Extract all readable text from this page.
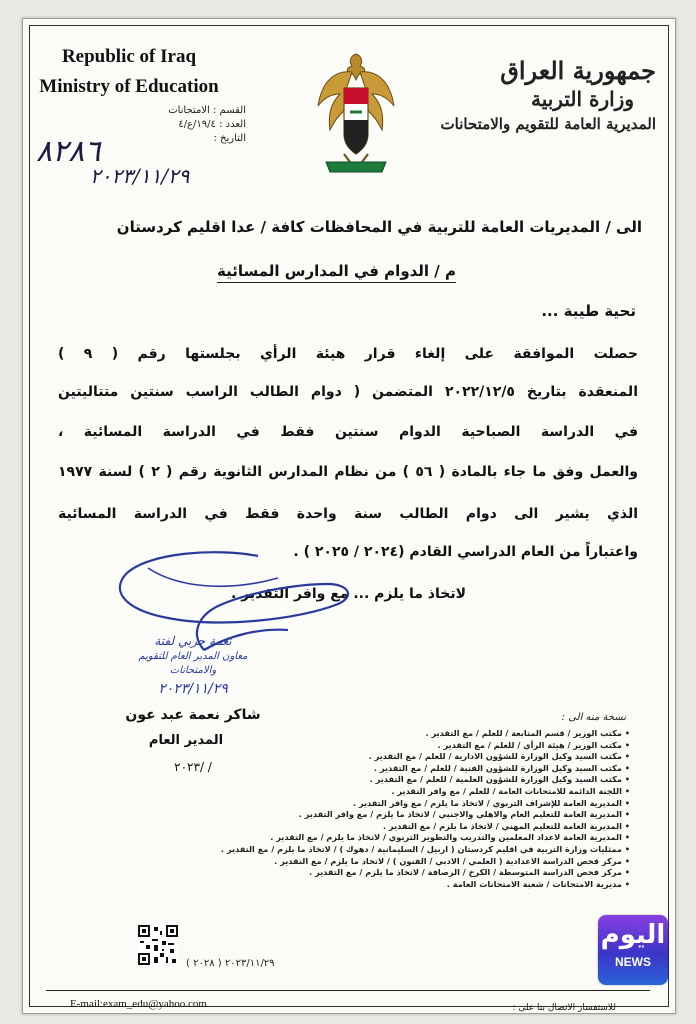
Republic of Iraq
Ministry of Education
القسم : الامتحانات
العدد : ١٩/٤/ع/٤
التاريخ :
٨٢٨٦
٢٠٢٣/١١/٢٩
جمهورية العراق
وزارة التربية
المديرية العامة للتقويم والامتحانات
الى / المديريات العامة للتربية في المحافظات كافة / عدا اقليم كردستان
م / الدوام في المدارس المسائية
تحية طيبة ...
حصلت الموافقة على إلغاء قرار هيئة الرأي بجلستها رقم ( ٩ )
المنعقدة بتاريخ ٢٠٢٢/١٢/٥ المتضمن ( دوام الطالب الراسب سنتين متتاليتين
في الدراسة الصباحية الدوام سنتين فقط في الدراسة المسائية ،
والعمل وفق ما جاء بالمادة ( ٥٦ ) من نظام المدارس الثانوية رقم ( ٢ ) لسنة ١٩٧٧
الذي يشير الى دوام الطالب سنة واحدة فقط في الدراسة المسائية
واعتباراً من العام الدراسي القادم (٢٠٢٤ / ٢٠٢٥ ) .
لاتخاذ ما يلزم ... مع وافر التقدير .
نعمة حربي لفتة
معاون المدير العام للتقويم والامتحانات
٢٠٢٣/١١/٢٩
شاكر نعمة عبد عون
المدير العام
/ /٢٠٢٣
نسخة منه الى :
• مكتب الوزير / قسم المتابعة / للعلم / مع التقدير .
• مكتب الوزير / هيئة الرأي / للعلم / مع التقدير .
• مكتب السيد وكيل الوزارة للشؤون الادارية / للعلم / مع التقدير .
• مكتب السيد وكيل الوزارة للشؤون الفنية / للعلم / مع التقدير .
• مكتب السيد وكيل الوزارة للشؤون العلمية / للعلم / مع التقدير .
• اللجنة الدائمة للامتحانات العامة / للعلم / مع وافر التقدير .
• المديرية العامة للإشراف التربوي / لاتخاذ ما يلزم / مع وافر التقدير .
• المديرية العامة للتعليم العام والاهلي والاجنبي / لاتخاذ ما يلزم / مع وافر التقدير .
• المديرية العامة للتعليم المهني / لاتخاذ ما يلزم / مع التقدير .
• المديرية العامة لاعداد المعلمين والتدريب والتطوير التربوي / لاتخاذ ما يلزم / مع التقدير .
• ممثليات وزارة التربية في اقليم كردستان ( اربيل / السليمانية / دهوك ) / لاتخاذ ما يلزم / مع التقدير .
• مركز فحص الدراسة الاعدادية ( العلمي / الادبي / الفنون ) / لاتخاذ ما يلزم / مع التقدير .
• مركز فحص الدراسة المتوسطة / الكرخ / الرصافة / لاتخاذ ما يلزم / مع التقدير .
• مديرية الامتحانات / شعبة الامتحانات العامة .
٢٠٢٣/١١/٢٩ ( ٢٠٢٨ )
E-mail:exam_edu@yahoo.com	للاستفسار الاتصال بنا على :
اليوم
NEWS
